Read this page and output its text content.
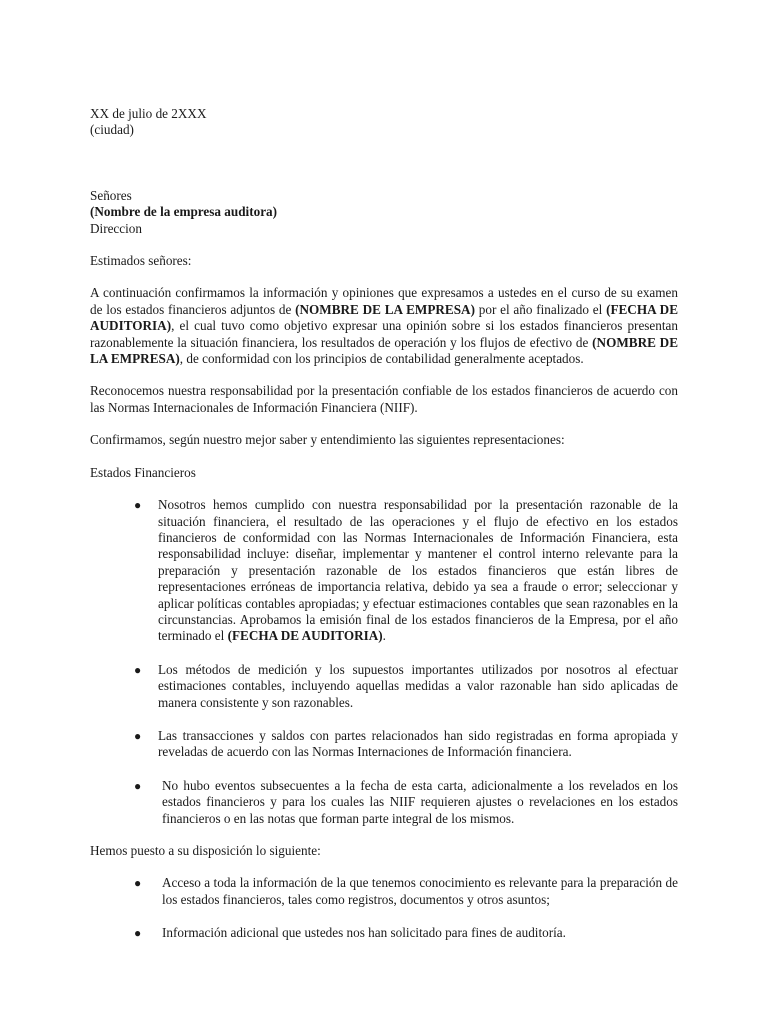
XX de julio de 2XXX

(ciudad)

Señores

(Nombre de la empresa auditora)

Direccion

Estimados señores:

A continuación confirmamos la información y opiniones que expresamos a ustedes en el curso de su examen de los estados financieros adjuntos de (NOMBRE DE LA EMPRESA) por el año finalizado el (FECHA DE AUDITORIA), el cual tuvo como objetivo expresar una opinión sobre si los estados financieros presentan razonablemente la situación financiera, los resultados de operación y los flujos de efectivo de (NOMBRE DE LA EMPRESA), de conformidad con los principios de contabilidad generalmente aceptados.

Reconocemos nuestra responsabilidad por la presentación confiable de los estados financieros de acuerdo con las Normas Internacionales de Información Financiera (NIIF).

Confirmamos, según nuestro mejor saber y entendimiento las siguientes representaciones:

Estados Financieros

● Nosotros hemos cumplido con nuestra responsabilidad por la presentación razonable de la situación financiera, el resultado de las operaciones y el flujo de efectivo en los estados financieros de conformidad con las Normas Internacionales de Información Financiera, esta responsabilidad incluye: diseñar, implementar y mantener el control interno relevante para la preparación y presentación razonable de los estados financieros que están libres de representaciones erróneas de importancia relativa, debido ya sea a fraude o error; seleccionar y aplicar políticas contables apropiadas; y efectuar estimaciones contables que sean razonables en la circunstancias. Aprobamos la emisión final de los estados financieros de la Empresa, por el año terminado el (FECHA DE AUDITORIA).
● Los métodos de medición y los supuestos importantes utilizados por nosotros al efectuar estimaciones contables, incluyendo aquellas medidas a valor razonable han sido aplicadas de manera consistente y son razonables.
● Las transacciones y saldos con partes relacionados han sido registradas en forma apropiada y reveladas de acuerdo con las Normas Internaciones de Información financiera.
● No hubo eventos subsecuentes a la fecha de esta carta, adicionalmente a los revelados en los estados financieros y para los cuales las NIIF requieren ajustes o revelaciones en los estados financieros o en las notas que forman parte integral de los mismos.

Hemos puesto a su disposición lo siguiente:

● Acceso a toda la información de la que tenemos conocimiento es relevante para la preparación de los estados financieros, tales como registros, documentos y otros asuntos;
● Información adicional que ustedes nos han solicitado para fines de auditoría.
